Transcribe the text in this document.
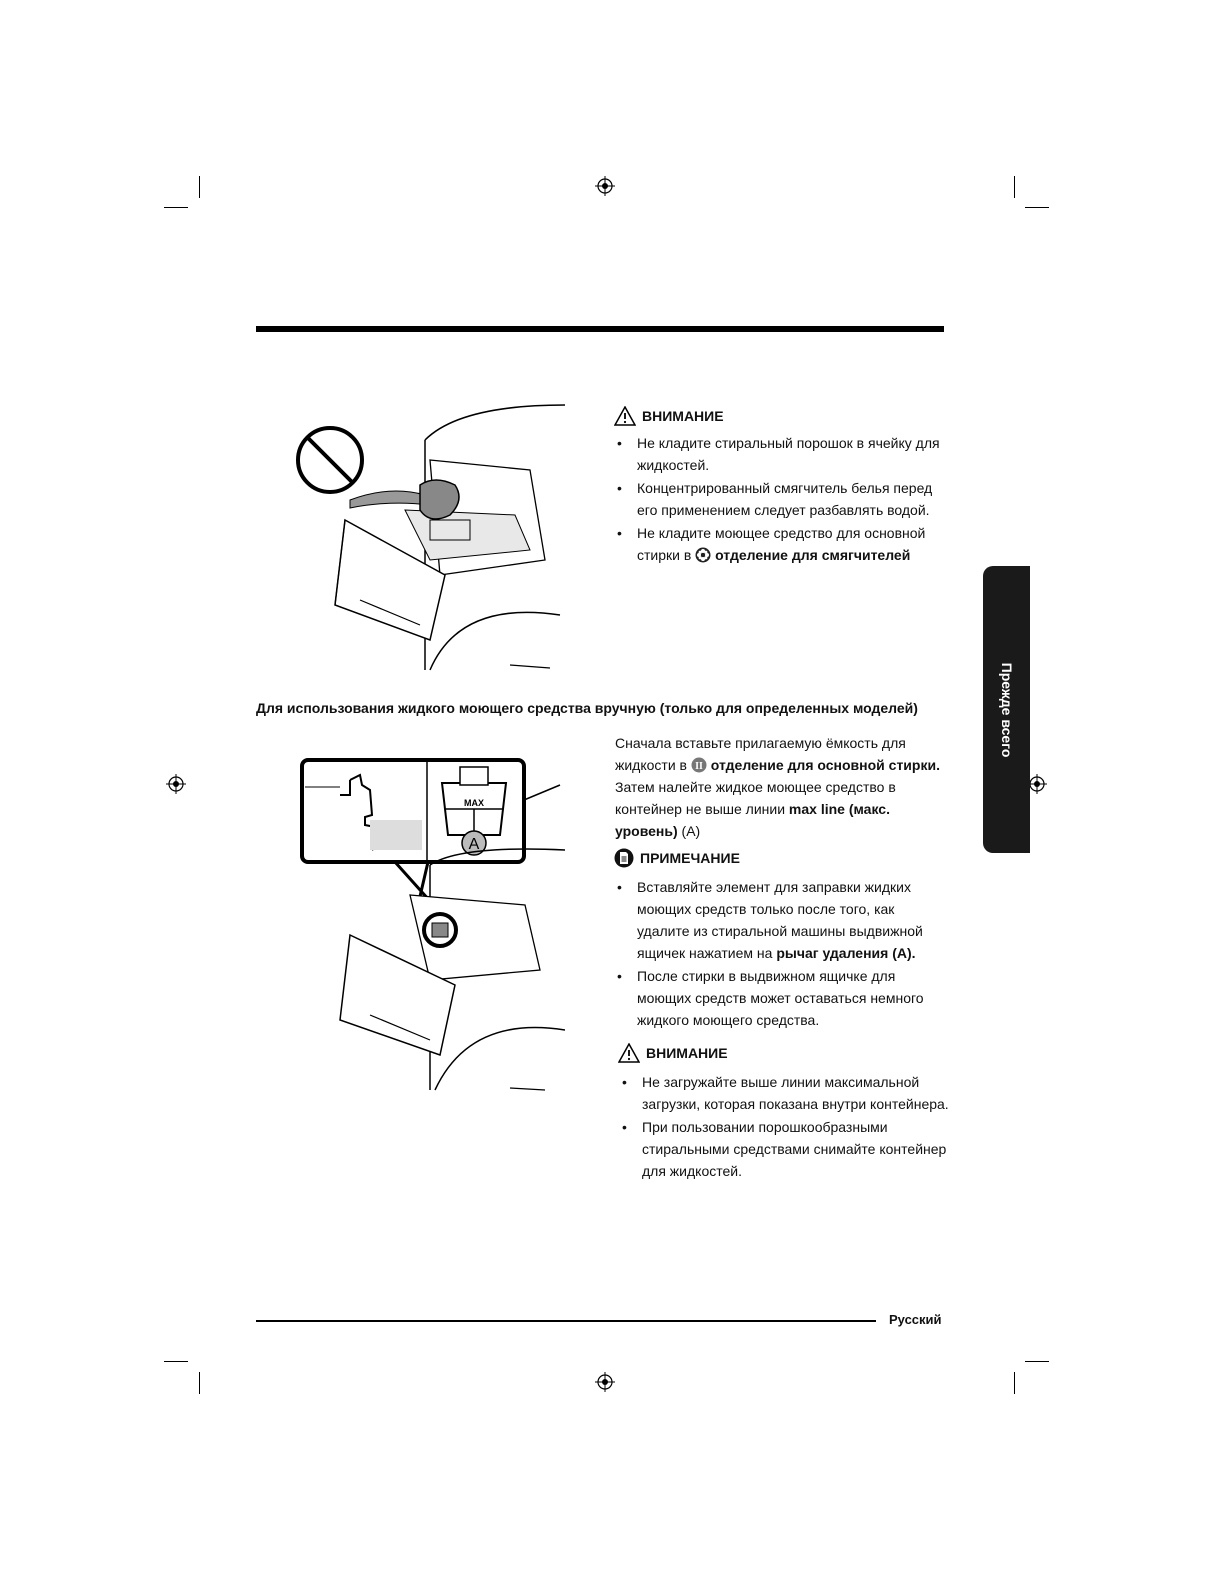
ВНИМАНИЕ
• Не кладите стиральный порошок в ячейку для жидкостей.
• Концентрированный смягчитель белья перед его применением следует разбавлять водой.
• Не кладите моющее средство для основной стирки в отделение для смягчителей
Для использования жидкого моющего средства вручную (только для определенных моделей)
MAX
A
Сначала вставьте прилагаемую ёмкость для жидкости в II отделение для основной стирки. Затем налейте жидкое моющее средство в контейнер не выше линии max line (макс. уровень) (A)
ПРИМЕЧАНИЕ
• Вставляйте элемент для заправки жидких моющих средств только после того, как удалите из стиральной машины выдвижной ящичек нажатием на рычаг удаления (A).
• После стирки в выдвижном ящичке для моющих средств может оставаться немного жидкого моющего средства.
ВНИМАНИЕ
• Не загружайте выше линии максимальной загрузки, которая показана внутри контейнера.
• При пользовании порошкообразными стиральными средствами снимайте контейнер для жидкостей.
Прежде всего
Русский
